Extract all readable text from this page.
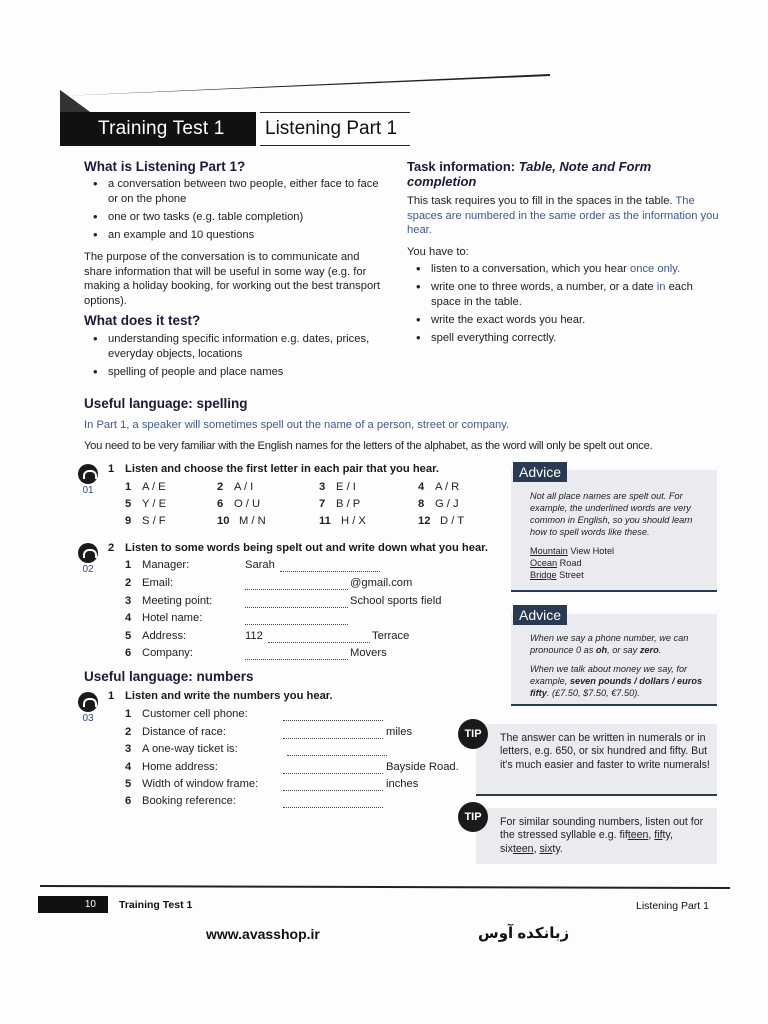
Training Test 1 Listening Part 1
What is Listening Part 1?
• a conversation between two people, either face to face or on the phone
• one or two tasks (e.g. table completion)
• an example and 10 questions

The purpose of the conversation is to communicate and share information that will be useful in some way (e.g. for making a holiday booking, for working out the best transport options).

What does it test?
• understanding specific information e.g. dates, prices, everyday objects, locations
• spelling of people and place names
Task information: Table, Note and Form completion

This task requires you to fill in the spaces in the table. The spaces are numbered in the same order as the information you hear.

You have to:

• listen to a conversation, which you hear once only.
• write one to three words, a number, or a date in each space in the table.
• write the exact words you hear.
• spell everything correctly.
Useful language: spelling

In Part 1, a speaker will sometimes spell out the name of a person, street or company.

You need to be very familiar with the English names for the letters of the alphabet, as the word will only be spelt out once.

01
1 Listen and choose the first letter in each pair that you hear.
1 A / E	2 A / I	3 E / I	4 A / R
5 Y / E	6 O / U	7 B / P	8 G / J
9 S / F	10 M / N	11 H / X	12 D / T
02
2 Listen to some words being spelt out and write down what you hear.
1 Manager:	Sarah
2 Email:	@gmail.com
3 Meeting point:	School sports field
4 Hotel name:
5 Address:	112	Terrace
6 Company:	Movers
Useful language: numbers
03
1 Listen and write the numbers you hear.
1 Customer cell phone:
2 Distance of race:	miles
3 A one-way ticket is:
4 Home address:	Bayside Road.
5 Width of window frame:	inches
6 Booking reference:
Advice
Not all place names are spelt out. For example, the underlined words are very common in English, so you should learn how to spell words like these.
Mountain View Hotel
Ocean Road
Bridge Street
Advice
When we say a phone number, we can pronounce 0 as oh, or say zero.
When we talk about money we say, for example, seven pounds / dollars / euros fifty. (£7.50, $7.50, €7.50).
TIP	The answer can be written in numerals or in letters, e.g. 650, or six hundred and fifty. But it's much easier and faster to write numerals!
TIP	For similar sounding numbers, listen out for the stressed syllable e.g. fifteen, fifty, sixteen, sixty.
10	Training Test 1	Listening Part 1
www.avasshop.ir	زبانکده آوس
